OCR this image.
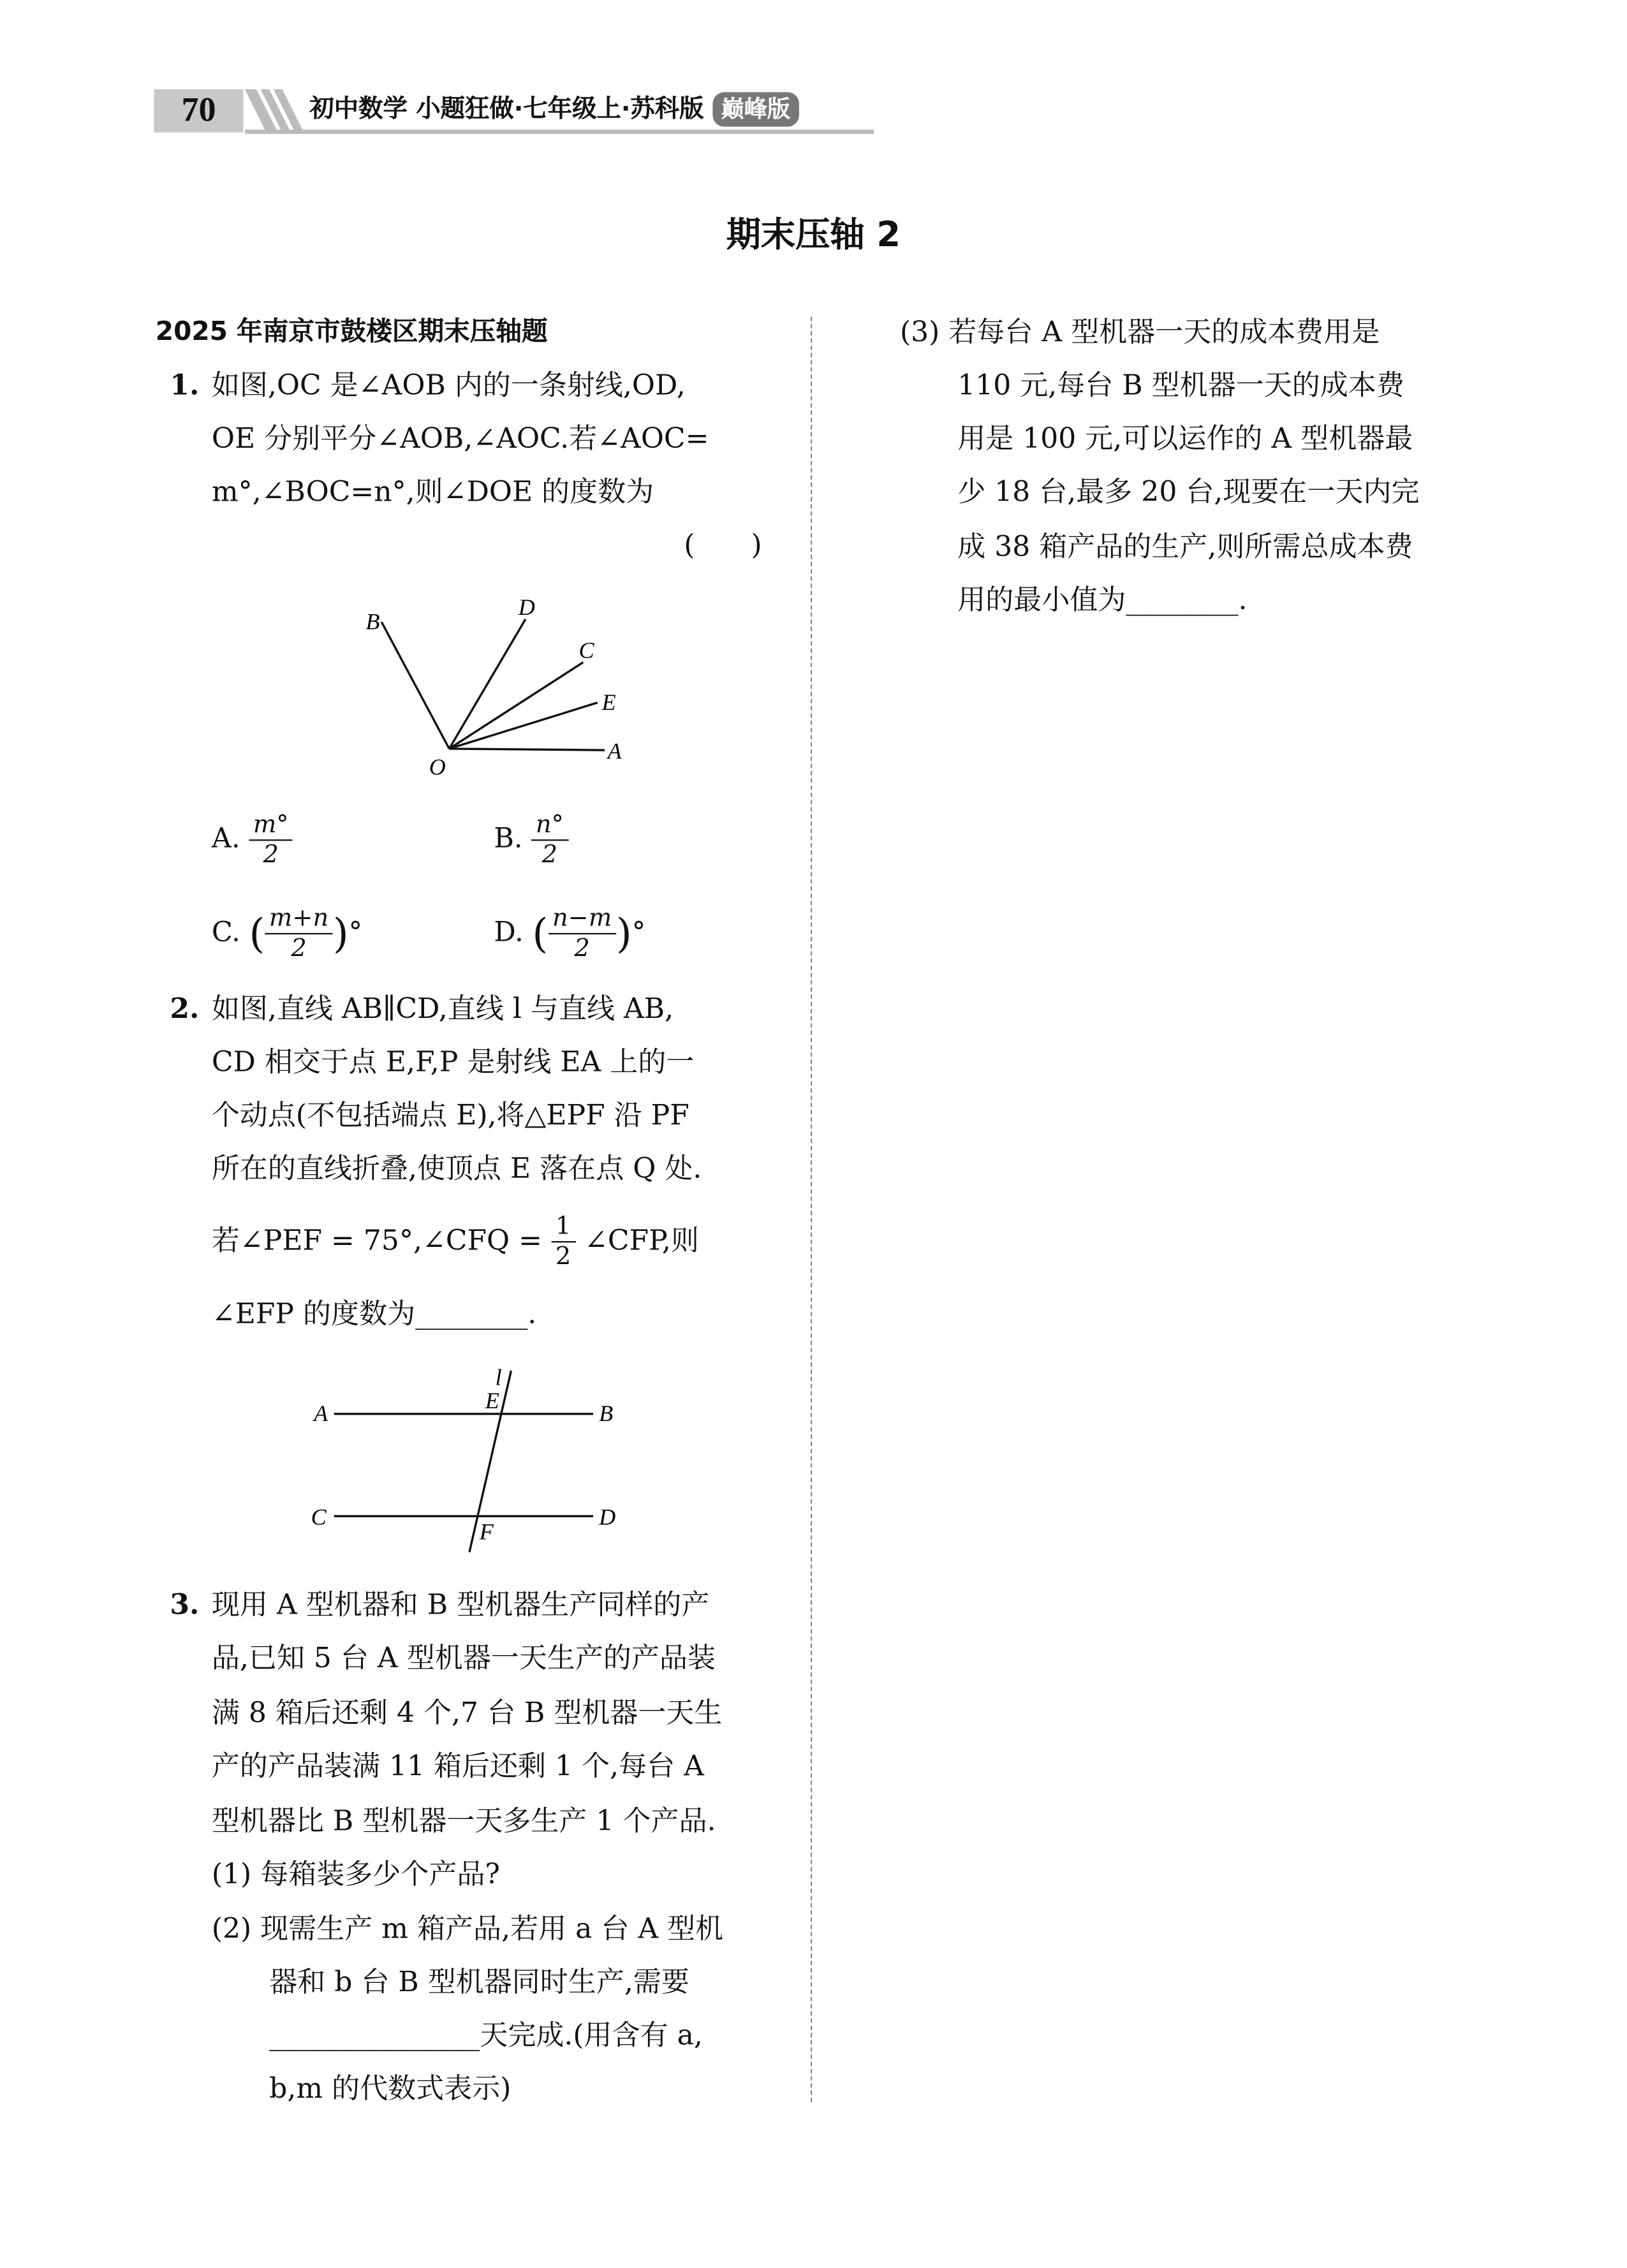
70	初中数学 小题狂做·七年级上·苏科版 巅峰版
期末压轴 2
2025 年南京市鼓楼区期末压轴题
1. 如图,OC 是∠AOB 内的一条射线,OD,
OE 分别平分∠AOB,∠AOC.若∠AOC=
m°,∠BOC=n°,则∠DOE 的度数为
(　　)
B
D
C
E
A
O
A. $\frac{m^\circ}{2}$	B. $\frac{n^\circ}{2}$
C. ( $\frac{m+n}{2}$ )°	D. ( $\frac{n-m}{2}$ )°
2. 如图,直线 AB∥CD,直线 l 与直线 AB,
CD 相交于点 E,F,P 是射线 EA 上的一
个动点(不包括端点 E),将△EPF 沿 PF
所在的直线折叠,使顶点 E 落在点 Q 处.
若∠PEF = 75°,∠CFQ = $\frac{1}{2}$ ∠CFP,则
∠EFP 的度数为________.
A	B
C	D
l
E
F
3. 现用 A 型机器和 B 型机器生产同样的产
品,已知 5 台 A 型机器一天生产的产品装
满 8 箱后还剩 4 个,7 台 B 型机器一天生
产的产品装满 11 箱后还剩 1 个,每台 A
型机器比 B 型机器一天多生产 1 个产品.
(1) 每箱装多少个产品?
(2) 现需生产 m 箱产品,若用 a 台 A 型机
器和 b 台 B 型机器同时生产,需要
_______________天完成.(用含有 a,
b,m 的代数式表示)
(3) 若每台 A 型机器一天的成本费用是
110 元,每台 B 型机器一天的成本费
用是 100 元,可以运作的 A 型机器最
少 18 台,最多 20 台,现要在一天内完
成 38 箱产品的生产,则所需总成本费
用的最小值为________.
